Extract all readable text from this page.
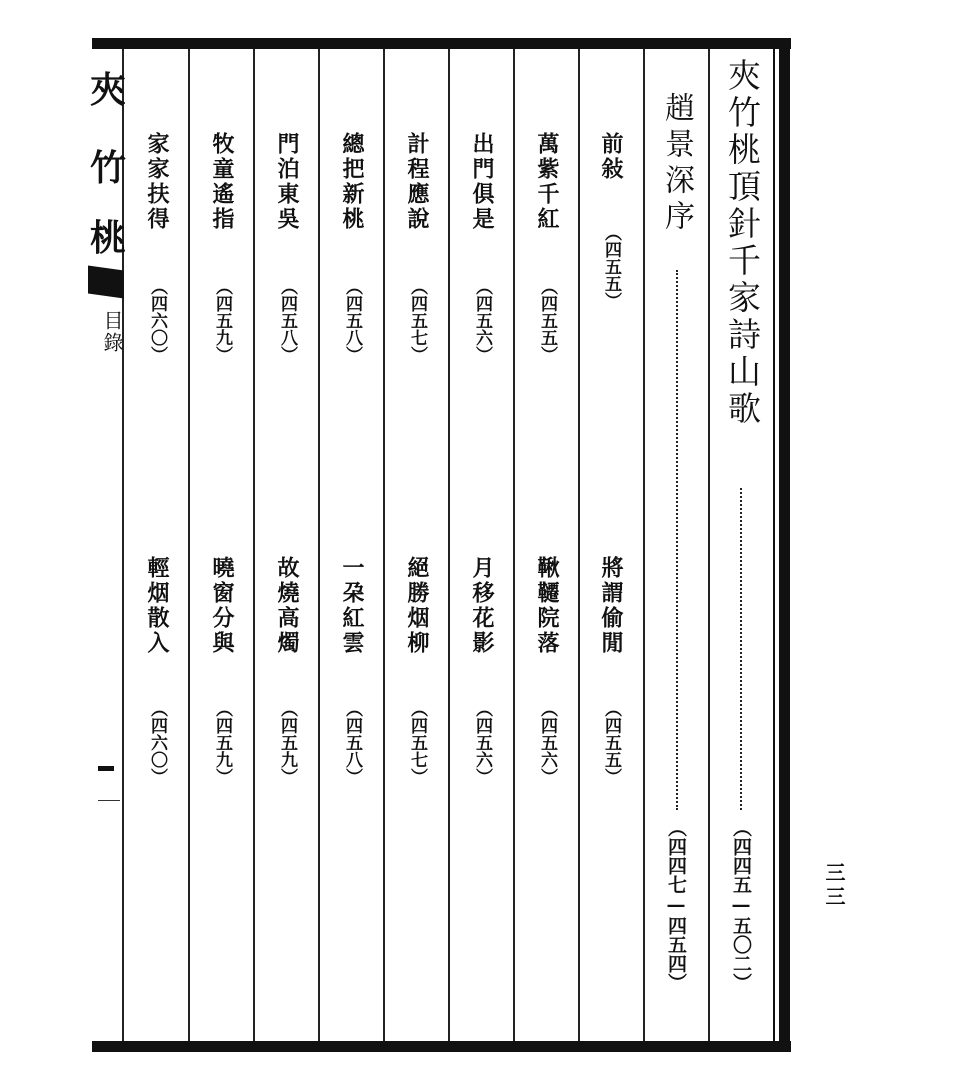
夾竹桃頂針千家詩山歌
（四四五—五〇二）
趙景深序
（四四七—四五四）
前敍
（四五五）
將謂偷閒
（四五五）
萬紫千紅
（四五五）
鞦韆院落
（四五六）
出門俱是
（四五六）
月移花影
（四五六）
計程應說
（四五七）
絕勝烟柳
（四五七）
總把新桃
（四五八）
一朶紅雲
（四五八）
門泊東吳
（四五八）
故燒高燭
（四五九）
牧童遙指
（四五九）
曉窗分與
（四五九）
家家扶得
（四六〇）
輕烟散入
（四六〇）
夾
竹
桃
目錄
三三
